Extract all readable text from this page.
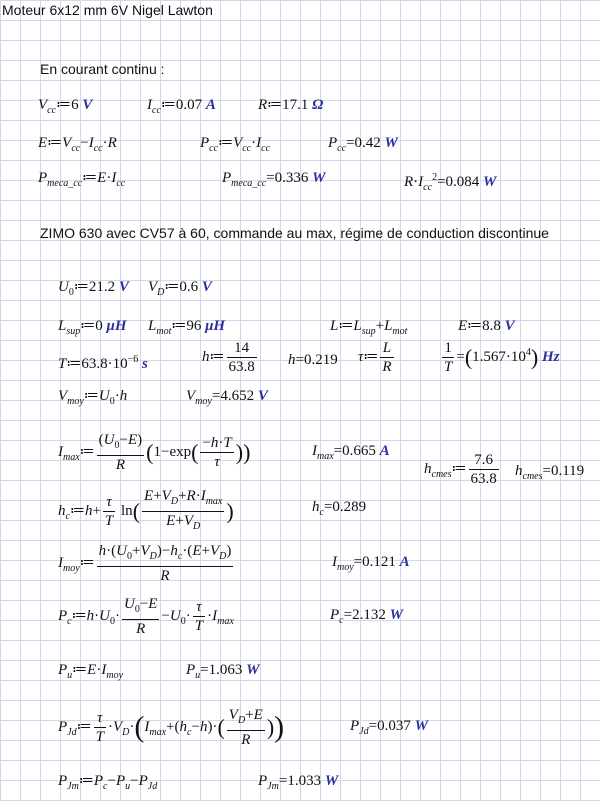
Moteur 6x12 mm 6V Nigel Lawton
En courant continu :
$V_{cc}≔6$ V	$I_{cc}≔0.07$ A	R≔17.1 Ω
$E≔V_{cc}-I_{cc}\cdot R$	$P_{cc}≔V_{cc}\cdot I_{cc}$	$P_{cc}=0.42$ W
$P_{meca\_cc}≔E\cdot I_{cc}$	$P_{meca\_cc}=0.336$ W	$R\cdot I_{cc}^2=0.084$ W
ZIMO 630 avec CV57 à 60, commande au max, régime de conduction discontinue
$U_0≔21.2$ V $V_D≔0.6$ V
$L_{sup}≔0$ μH $L_{mot}≔96$ μH	$L≔L_{sup}+L_{mot}$	E≔8.8 V
$T≔63.8\cdot 10^{-6}$ s	h≔ $\frac{14}{63.8} h=0.219$ τ≔ $\frac{L}{R}$	$\frac{1}{T} =(1.567\cdot 10^4)$ Hz
$V_{moy}≔U_0\cdot h$	$V_{moy}=4.652$ V
$I_{max}≔ \frac{(U_0-E)}{R} (1-\exp( \frac{-h\cdot T}{\tau}$ ))	$I_{max}=0.665$ A
$h_{cmes}≔ \frac{7.6}{63.8} h_{cmes}=0.119$
$h_c≔h+ \frac{\tau}{T} \ln( \frac{E+V_D+R\cdot I_{max}}{E+V_D}$ )	$h_c=0.289$
$I_{moy}≔ \frac{h\cdot(U_0+V_D)-h_c\cdot(E+V_D)}{R}$	$I_{moy}=0.121$ A
$P_c≔h\cdot U_0\cdot \frac{U_0-E}{R} -U_0\cdot \frac{\tau}{T} \cdot I_{max}$	$P_c=2.132$ W
$P_u≔E\cdot I_{moy}$	$P_u=1.063$ W
$P_{Jd}≔ \frac{\tau}{T} \cdot V_D\cdot(I_{max}+(h_c-h)\cdot( \frac{V_D+E}{R}$ ))	$P_{Jd}=0.037$ W
$P_{Jm}≔P_c-P_u-P_{Jd}$	$P_{Jm}=1.033$ W
